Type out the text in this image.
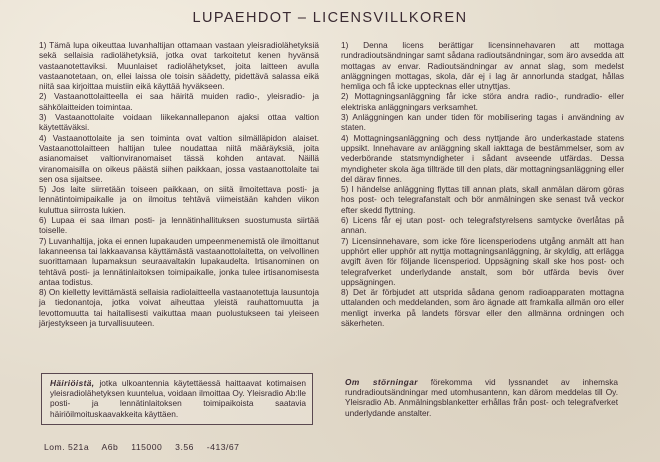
LUPAEHDOT – LICENSVILLKOREN

1) Tämä lupa oikeuttaa luvanhaltijan ottamaan vastaan yleisradiolähetyksiä sekä sellaisia radiolähetyksiä, jotka ovat tarkoitetut kenen hyvänsä vastaanotettaviksi. Muunlaiset radiolähetykset, joita laitteen avulla vastaanotetaan, on, ellei laissa ole toisin säädetty, pidettävä salassa eikä niitä saa kirjoittaa muistiin eikä käyttää hyväkseen.

2) Vastaanottolaitteella ei saa häiritä muiden radio-, yleisradio- ja sähkölaitteiden toimintaa.

3) Vastaanottolaite voidaan liikekannallepanon ajaksi ottaa valtion käytettäväksi.

4) Vastaanottolaite ja sen toiminta ovat valtion silmälläpidon alaiset. Vastaanottolaitteen haltijan tulee noudattaa niitä määräyksiä, joita asianomaiset valtionviranomaiset tässä kohden antavat. Näillä viranomaisilla on oikeus päästä siihen paikkaan, jossa vastaanottolaite tai sen osa sijaitsee.

5) Jos laite siirretään toiseen paikkaan, on siitä ilmoitettava posti- ja lennätintoimipaikalle ja on ilmoitus tehtävä viimeistään kahden viikon kuluttua siirrosta lukien.

6) Lupaa ei saa ilman posti- ja lennätinhallituksen suostumusta siirtää toiselle.

7) Luvanhaltija, joka ei ennen lupakauden umpeenmenemistä ole ilmoittanut lakanneensa tai lakkaavansa käyttämästä vastaanottolaitetta, on velvollinen suorittamaan lupamaksun seuraavaltakin lupakaudelta. Irtisanominen on tehtävä posti- ja lennätinlaitoksen toimipaikalle, jonka tulee irtisanomisesta antaa todistus.

8) On kielletty levittämästä sellaisia radiolaitteella vastaanotettuja lausuntoja ja tiedonantoja, jotka voivat aiheuttaa yleistä rauhattomuutta ja levottomuutta tai haitallisesti vaikuttaa maan puolustukseen tai yleiseen järjestykseen ja turvallisuuteen.

1) Denna licens berättigar licensinnehavaren att mottaga rundradioutsändningar samt sådana radioutsändningar, som äro avsedda att mottagas av envar. Radioutsändningar av annat slag, som medelst anläggningen mottagas, skola, där ej i lag är annorlunda stadgat, hållas hemliga och få icke upptecknas eller utnyttjas.

2) Mottagningsanläggning får icke störa andra radio-, rundradio- eller elektriska anläggningars verksamhet.

3) Anläggningen kan under tiden för mobilisering tagas i användning av staten.

4) Mottagningsanläggning och dess nyttjande äro underkastade statens uppsikt. Innehavare av anläggning skall iakttaga de bestämmelser, som av vederbörande statsmyndigheter i sådant avseende utfärdas. Dessa myndigheter skola äga tillträde till den plats, där mottagningsanläggning eller del därav finnes.

5) I händelse anläggning flyttas till annan plats, skall anmälan därom göras hos post- och telegrafanstalt och bör anmälningen ske senast två veckor efter skedd flyttning.

6) Licens får ej utan post- och telegrafstyrelsens samtycke överlåtas på annan.

7) Licensinnehavare, som icke före licensperiodens utgång anmält att han upphört eller upphör att nyttja mottagningsanläggning, är skyldig, att erlägga avgift även för följande licensperiod. Uppsägning skall ske hos post- och telegrafverket underlydande anstalt, som bör utfärda bevis över uppsägningen.

8) Det är förbjudet att utsprida sådana genom radioapparaten mottagna uttalanden och meddelanden, som äro ägnade att framkalla allmän oro eller menligt inverka på landets försvar eller den allmänna ordningen och säkerheten.

Häiriöistä, jotka ulkoantennia käytettäessä haittaavat kotimaisen yleisradiolähetyksen kuuntelua, voidaan ilmoittaa Oy. Yleisradio Ab:lle posti- ja lennätinlaitoksen toimipaikoista saatavia häiriöilmoituskaavakkeita käyttäen.
Om störningar förekomma vid lyssnandet av inhemska rundradioutsändningar med utomhusantenn, kan därom meddelas till Oy. Yleisradio Ab. Anmälningsblanketter erhållas från post- och telegrafverket underlydande anstalter.
Lom. 521a A6b 115000 3.56 -413/67
